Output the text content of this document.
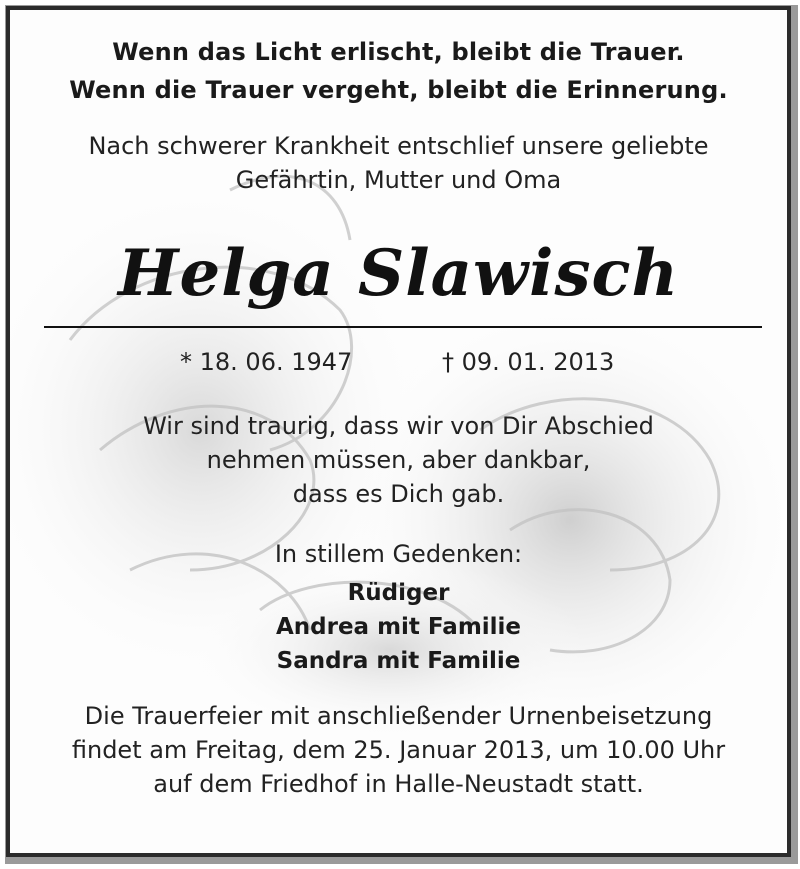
Wenn das Licht erlischt, bleibt die Trauer.
Wenn die Trauer vergeht, bleibt die Erinnerung.
Nach schwerer Krankheit entschlief unsere geliebte
Gefährtin, Mutter und Oma
Helga Slawisch
* 18. 06. 1947	† 09. 01. 2013
Wir sind traurig, dass wir von Dir Abschied
nehmen müssen, aber dankbar,
dass es Dich gab.
In stillem Gedenken:
Rüdiger
Andrea mit Familie
Sandra mit Familie
Die Trauerfeier mit anschließender Urnenbeisetzung
findet am Freitag, dem 25. Januar 2013, um 10.00 Uhr
auf dem Friedhof in Halle-Neustadt statt.
